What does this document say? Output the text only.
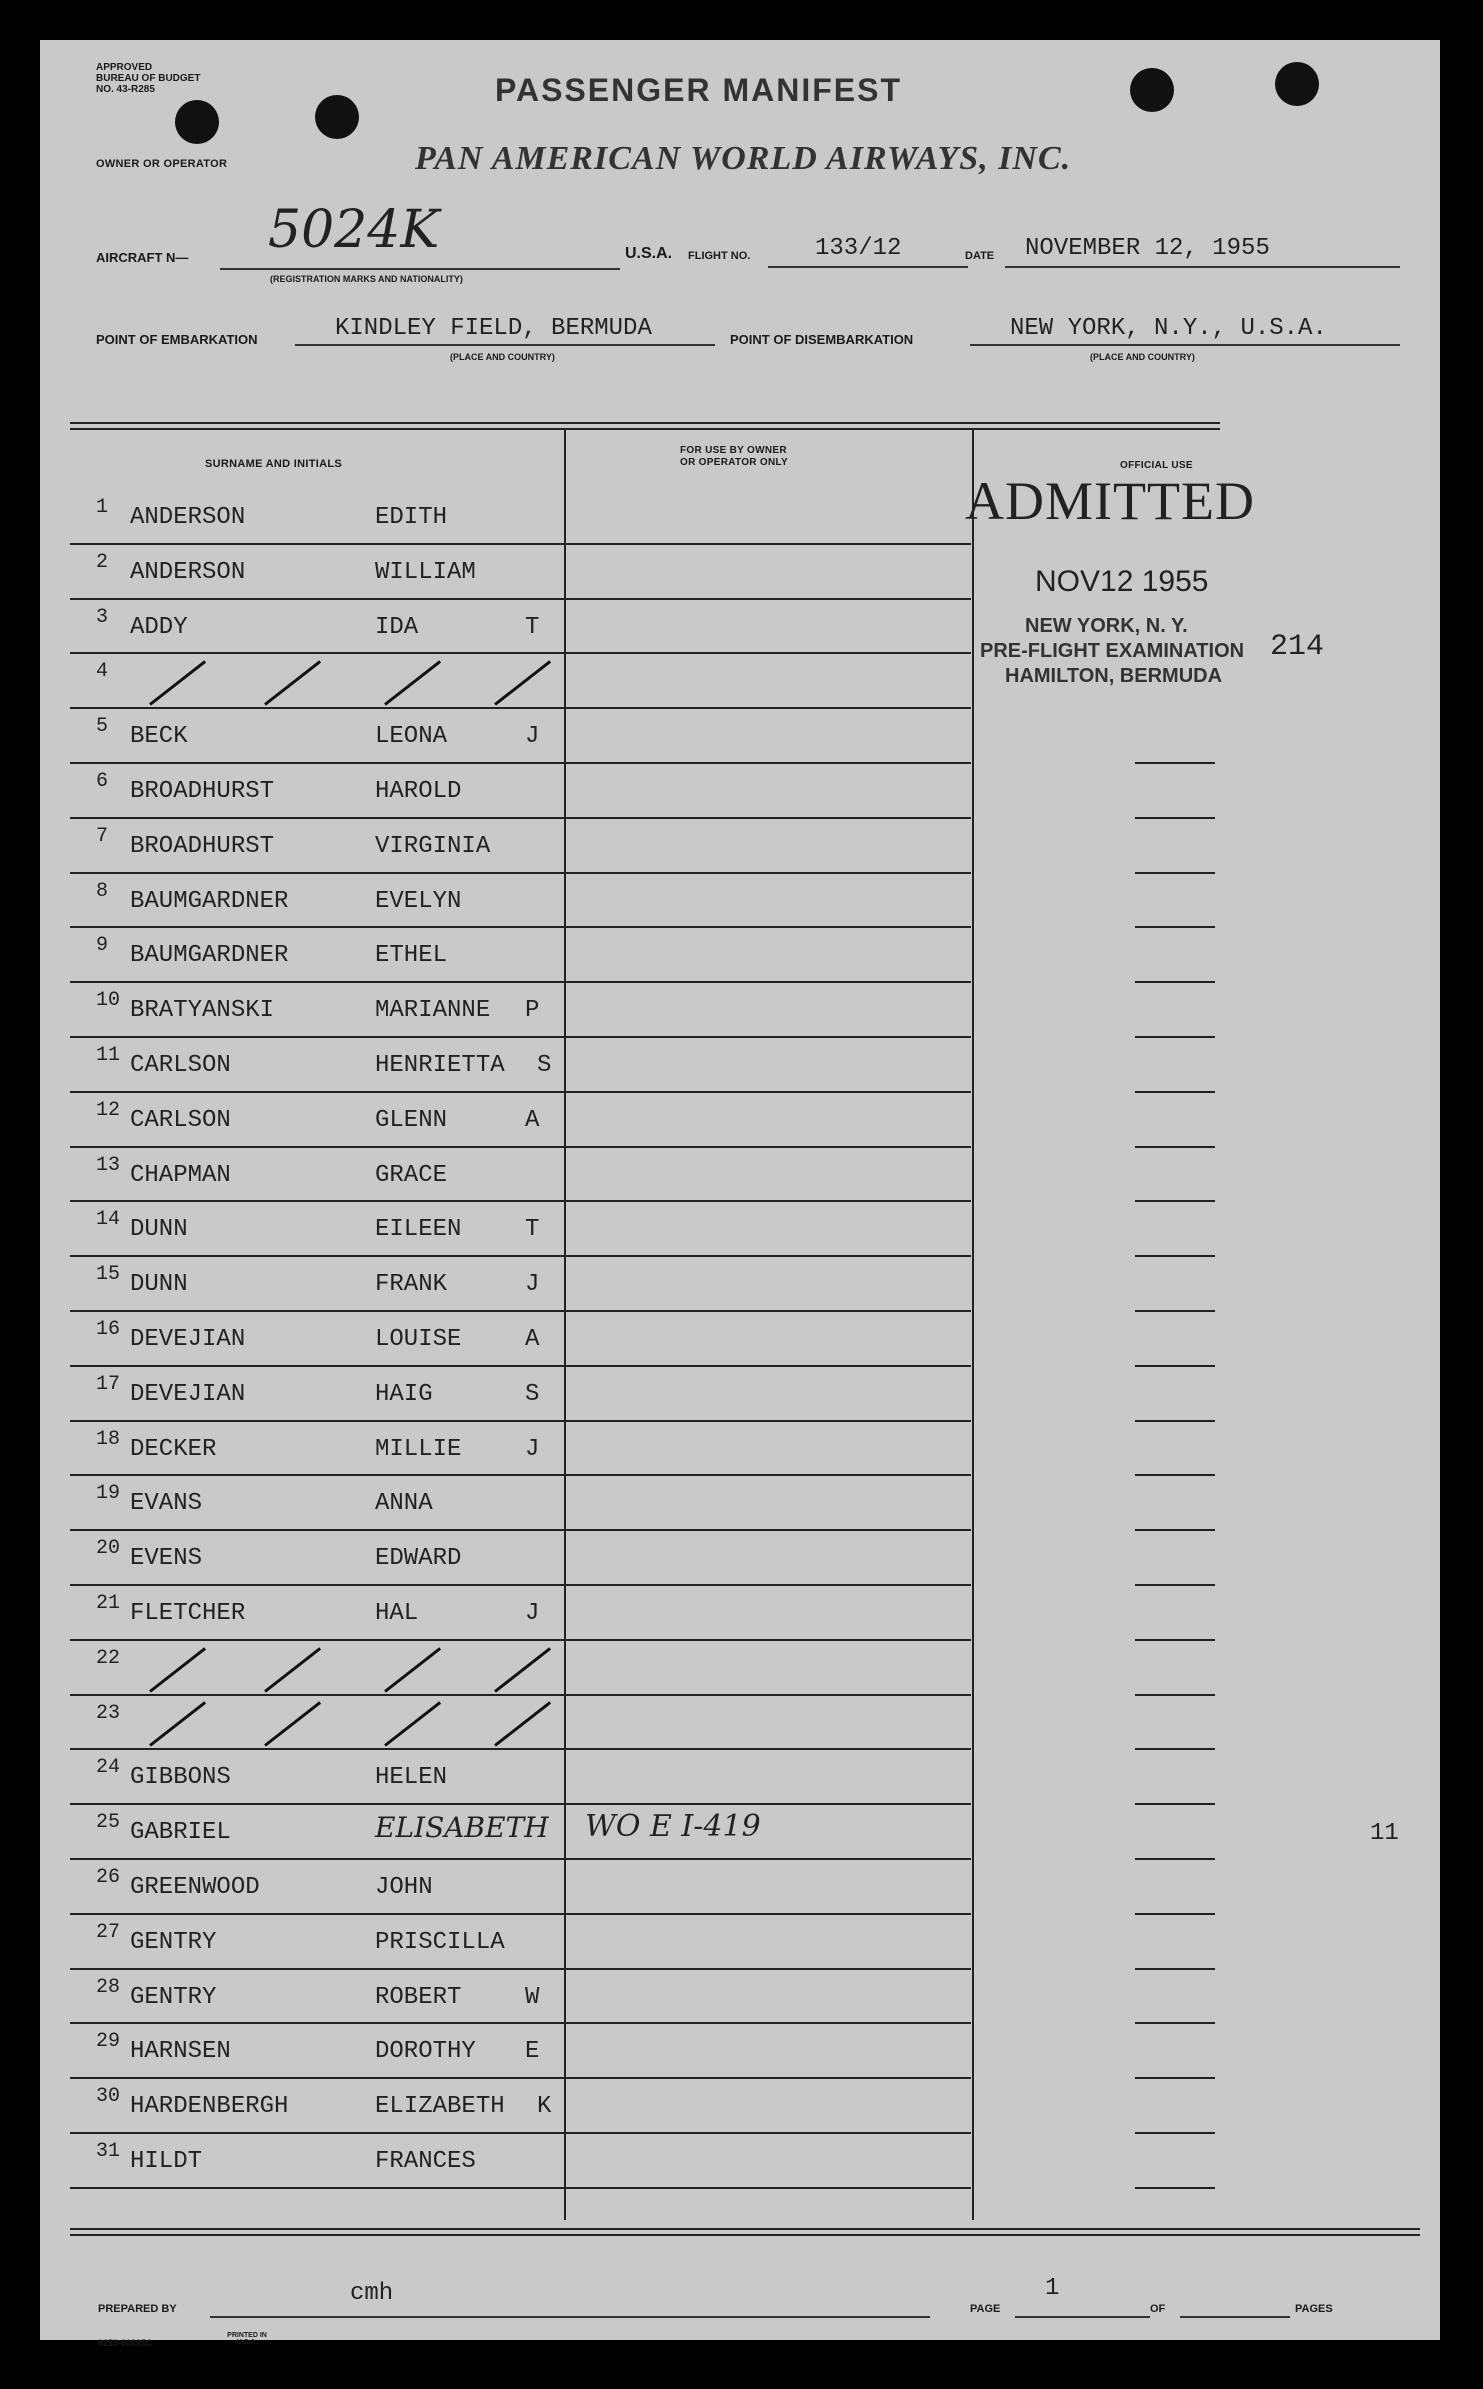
APPROVED
BUREAU OF BUDGET
NO. 43-R285	PASSENGER MANIFEST
OWNER OR OPERATOR	PAN AMERICAN WORLD AIRWAYS, INC.
AIRCRAFT N— 5024K
(REGISTRATION MARKS AND NATIONALITY)
U.S.A. FLIGHT NO.	133/12	DATE NOVEMBER 12, 1955
POINT OF EMBARKATION	KINDLEY FIELD, BERMUDA
(PLACE AND COUNTRY)
POINT OF DISEMBARKATION	NEW YORK, N.Y., U.S.A.
(PLACE AND COUNTRY)
SURNAME AND INITIALS
FOR USE BY OWNER
OR OPERATOR ONLY	OFFICIAL USE
ADMITTED
NOV12 1955
NEW YORK, N. Y.
PRE-FLIGHT EXAMINATION
HAMILTON, BERMUDA
214
11
1 ANDERSON	EDITH
2 ANDERSON	WILLIAM
3 ADDY	IDA	T
4
5 BECK	LEONA	J
6 BROADHURST	HAROLD
7 BROADHURST	VIRGINIA
8 BAUMGARDNER	EVELYN
9 BAUMGARDNER	ETHEL
10 BRATYANSKI	MARIANNE P
11 CARLSON	HENRIETTA S
12 CARLSON	GLENN	A
13 CHAPMAN	GRACE
14 DUNN	EILEEN	T
15 DUNN	FRANK	J
16 DEVEJIAN	LOUISE	A
17 DEVEJIAN	HAIG	S
18 DECKER	MILLIE	J
19 EVANS	ANNA
20 EVENS	EDWARD
21 FLETCHER	HAL	J
22
23
24 GIBBONS	HELEN
25 GABRIEL	ELISABETH WO E I-419
26 GREENWOOD	JOHN
27 GENTRY	PRISCILLA
28 GENTRY	ROBERT	W
29 HARNSEN	DOROTHY E
30 HARDENBERGH	ELIZABETH K
31 HILDT	FRANCES
PREPARED BY
cmh
PAGE
1
OF	PAGES
9253-60895C
PRINTED IN U.S.A.
